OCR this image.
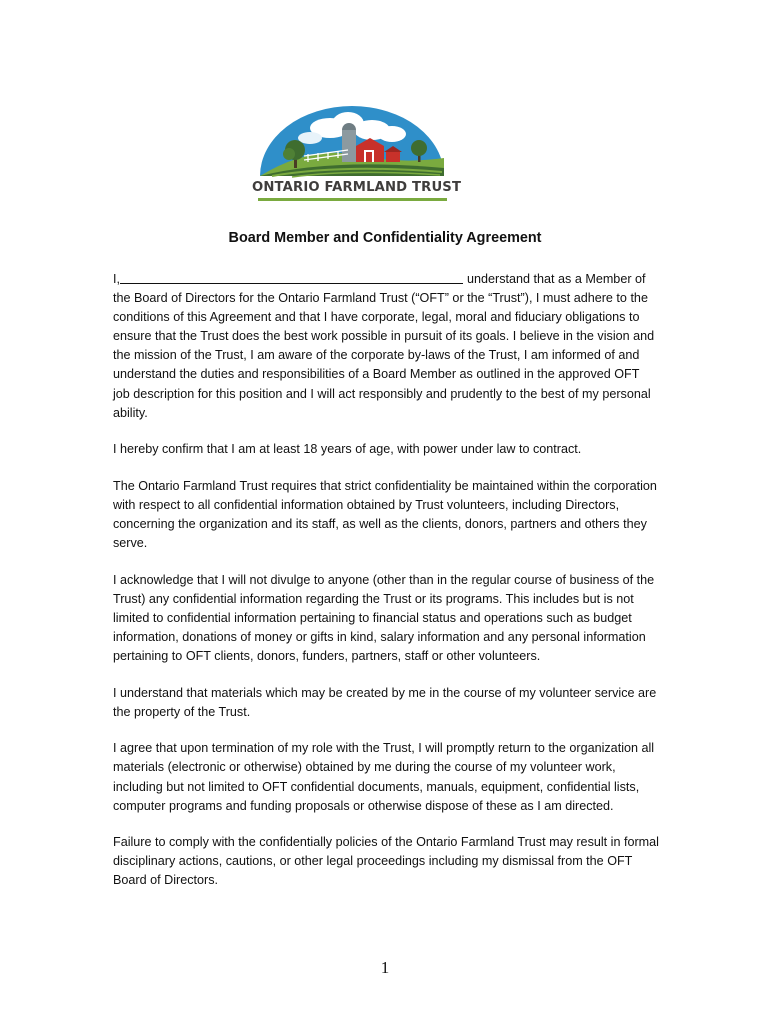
ONTARIO FARMLAND TRUST
Board Member and Confidentiality Agreement

I,	understand that as a Member of the Board of Directors for the Ontario Farmland Trust (“OFT” or the “Trust”), I must adhere to the conditions of this Agreement and that I have corporate, legal, moral and fiduciary obligations to ensure that the Trust does the best work possible in pursuit of its goals. I believe in the vision and the mission of the Trust, I am aware of the corporate by-laws of the Trust, I am informed of and understand the duties and responsibilities of a Board Member as outlined in the approved OFT job description for this position and I will act responsibly and prudently to the best of my personal ability.

I hereby confirm that I am at least 18 years of age, with power under law to contract.

The Ontario Farmland Trust requires that strict confidentiality be maintained within the corporation with respect to all confidential information obtained by Trust volunteers, including Directors, concerning the organization and its staff, as well as the clients, donors, partners and others they serve.

I acknowledge that I will not divulge to anyone (other than in the regular course of business of the Trust) any confidential information regarding the Trust or its programs. This includes but is not limited to confidential information pertaining to financial status and operations such as budget information, donations of money or gifts in kind, salary information and any personal information pertaining to OFT clients, donors, funders, partners, staff or other volunteers.

I understand that materials which may be created by me in the course of my volunteer service are the property of the Trust.

I agree that upon termination of my role with the Trust, I will promptly return to the organization all materials (electronic or otherwise) obtained by me during the course of my volunteer work, including but not limited to OFT confidential documents, manuals, equipment, confidential lists, computer programs and funding proposals or otherwise dispose of these as I am directed.

Failure to comply with the confidentially policies of the Ontario Farmland Trust may result in formal disciplinary actions, cautions, or other legal proceedings including my dismissal from the OFT Board of Directors.

1
